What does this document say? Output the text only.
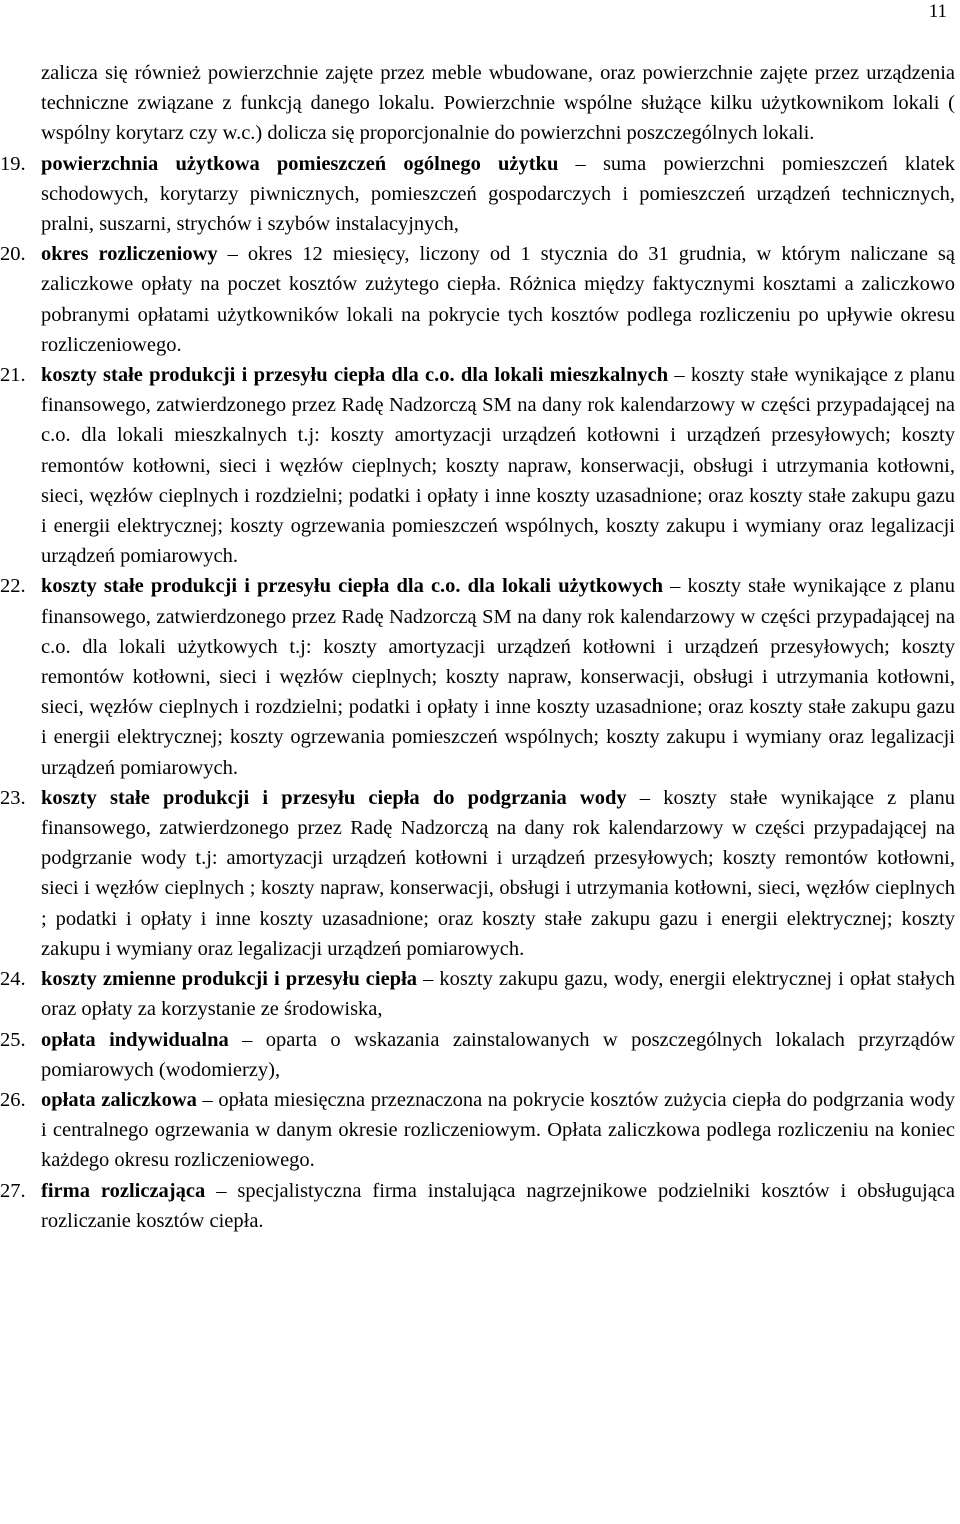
11

zalicza się również powierzchnie zajęte przez meble wbudowane, oraz powierzchnie zajęte przez urządzenia techniczne związane z funkcją danego lokalu. Powierzchnie wspólne służące kilku użytkownikom lokali ( wspólny korytarz czy w.c.) dolicza się proporcjonalnie do powierzchni poszczególnych lokali.

19. powierzchnia użytkowa pomieszczeń ogólnego użytku – suma powierzchni pomieszczeń klatek schodowych, korytarzy piwnicznych, pomieszczeń gospodarczych i pomieszczeń urządzeń technicznych, pralni, suszarni, strychów i szybów instalacyjnych,
20. okres rozliczeniowy – okres 12 miesięcy, liczony od 1 stycznia do 31 grudnia, w którym naliczane są zaliczkowe opłaty na poczet kosztów zużytego ciepła. Różnica między faktycznymi kosztami a zaliczkowo pobranymi opłatami użytkowników lokali na pokrycie tych kosztów podlega rozliczeniu po upływie okresu rozliczeniowego.
21. koszty stałe produkcji i przesyłu ciepła dla c.o. dla lokali mieszkalnych – koszty stałe wynikające z planu finansowego, zatwierdzonego przez Radę Nadzorczą SM na dany rok kalendarzowy w części przypadającej na c.o. dla lokali mieszkalnych t.j: koszty amortyzacji urządzeń kotłowni i urządzeń przesyłowych; koszty remontów kotłowni, sieci i węzłów cieplnych; koszty napraw, konserwacji, obsługi i utrzymania kotłowni, sieci, węzłów cieplnych i rozdzielni; podatki i opłaty i inne koszty uzasadnione; oraz koszty stałe zakupu gazu i energii elektrycznej; koszty ogrzewania pomieszczeń wspólnych, koszty zakupu i wymiany oraz legalizacji urządzeń pomiarowych.
22. koszty stałe produkcji i przesyłu ciepła dla c.o. dla lokali użytkowych – koszty stałe wynikające z planu finansowego, zatwierdzonego przez Radę Nadzorczą SM na dany rok kalendarzowy w części przypadającej na c.o. dla lokali użytkowych t.j: koszty amortyzacji urządzeń kotłowni i urządzeń przesyłowych; koszty remontów kotłowni, sieci i węzłów cieplnych; koszty napraw, konserwacji, obsługi i utrzymania kotłowni, sieci, węzłów cieplnych i rozdzielni; podatki i opłaty i inne koszty uzasadnione; oraz koszty stałe zakupu gazu i energii elektrycznej; koszty ogrzewania pomieszczeń wspólnych; koszty zakupu i wymiany oraz legalizacji urządzeń pomiarowych.
23. koszty stałe produkcji i przesyłu ciepła do podgrzania wody – koszty stałe wynikające z planu finansowego, zatwierdzonego przez Radę Nadzorczą na dany rok kalendarzowy w części przypadającej na podgrzanie wody t.j: amortyzacji urządzeń kotłowni i urządzeń przesyłowych; koszty remontów kotłowni, sieci i węzłów cieplnych ; koszty napraw, konserwacji, obsługi i utrzymania kotłowni, sieci, węzłów cieplnych ; podatki i opłaty i inne koszty uzasadnione; oraz koszty stałe zakupu gazu i energii elektrycznej; koszty zakupu i wymiany oraz legalizacji urządzeń pomiarowych.
24. koszty zmienne produkcji i przesyłu ciepła – koszty zakupu gazu, wody, energii elektrycznej i opłat stałych oraz opłaty za korzystanie ze środowiska,
25. opłata indywidualna – oparta o wskazania zainstalowanych w poszczególnych lokalach przyrządów pomiarowych (wodomierzy),
26. opłata zaliczkowa – opłata miesięczna przeznaczona na pokrycie kosztów zużycia ciepła do podgrzania wody i centralnego ogrzewania w danym okresie rozliczeniowym. Opłata zaliczkowa podlega rozliczeniu na koniec każdego okresu rozliczeniowego.
27. firma rozliczająca – specjalistyczna firma instalująca nagrzejnikowe podzielniki kosztów i obsługująca rozliczanie kosztów ciepła.
